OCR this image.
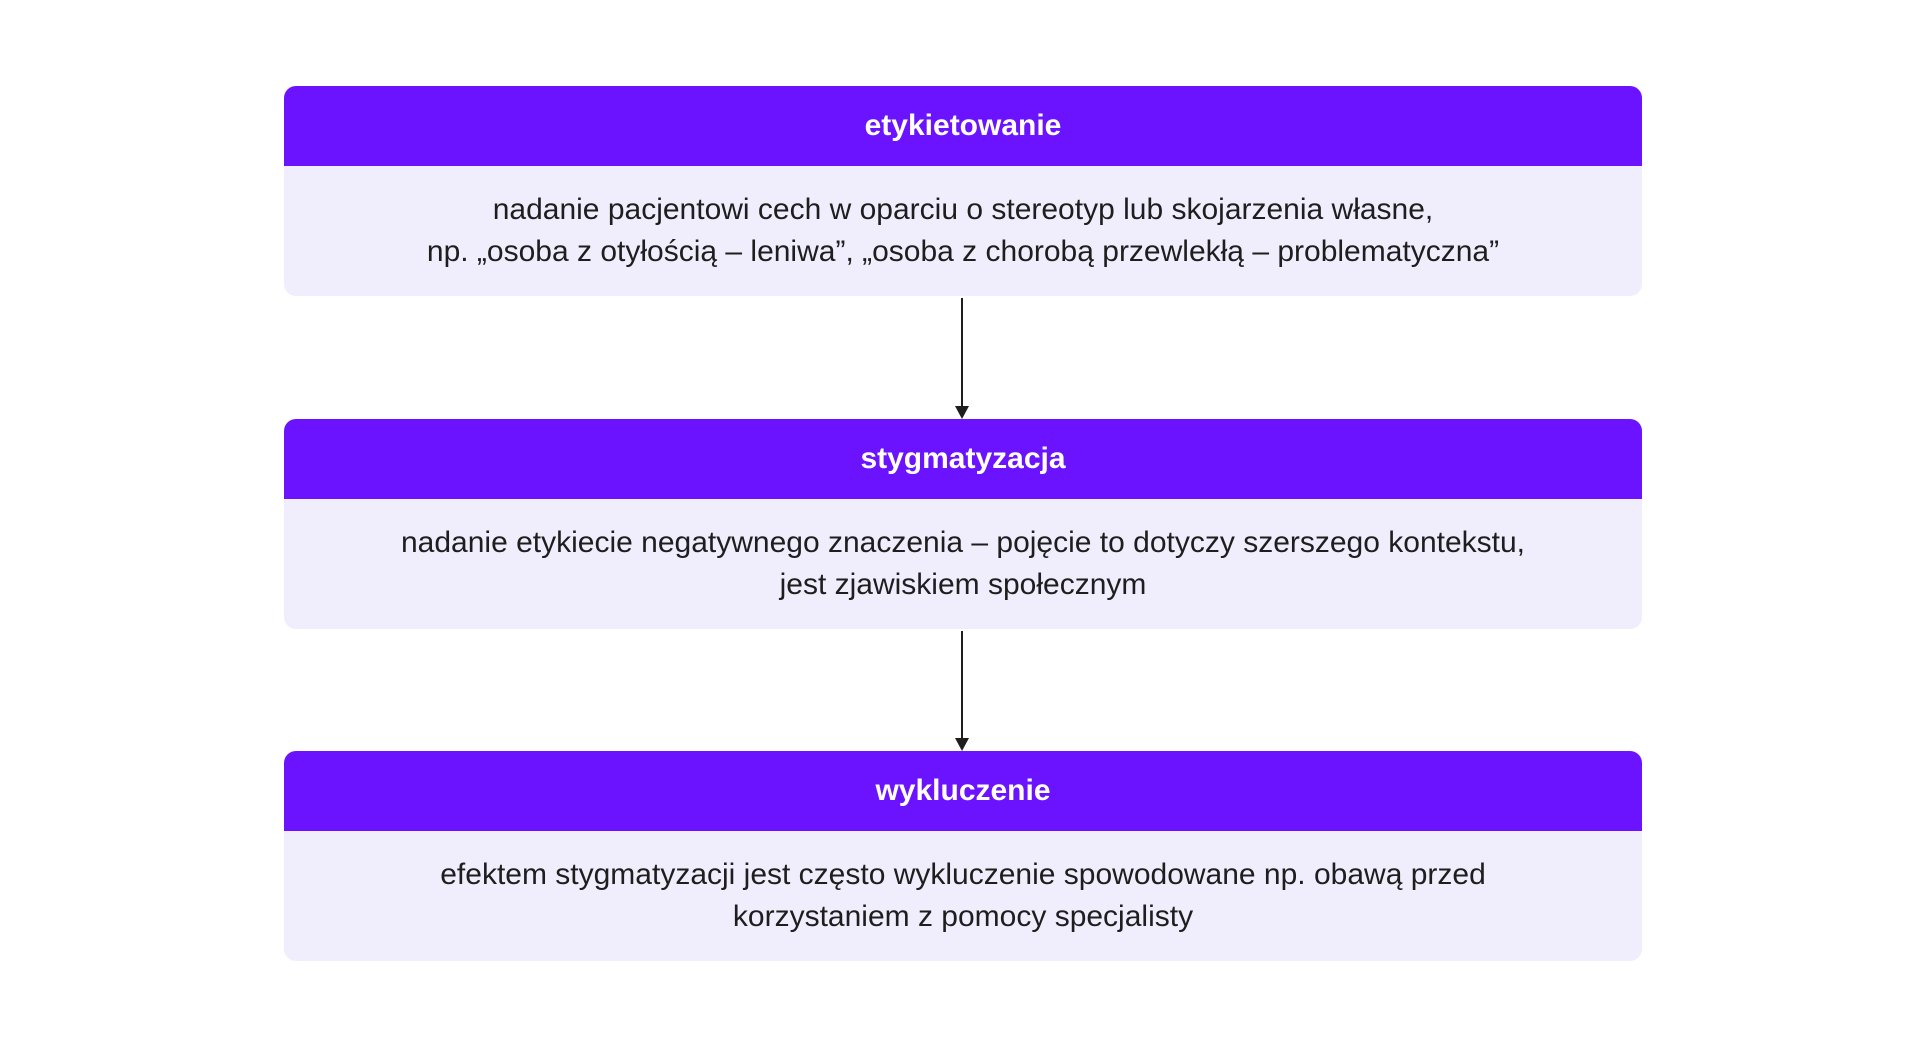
etykietowanie
nadanie pacjentowi cech w oparciu o stereotyp lub skojarzenia własne,
np. „osoba z otyłością – leniwa”, „osoba z chorobą przewlekłą – problematyczna”
stygmatyzacja
nadanie etykiecie negatywnego znaczenia – pojęcie to dotyczy szerszego kontekstu,
jest zjawiskiem społecznym
wykluczenie
efektem stygmatyzacji jest często wykluczenie spowodowane np. obawą przed
korzystaniem z pomocy specjalisty
